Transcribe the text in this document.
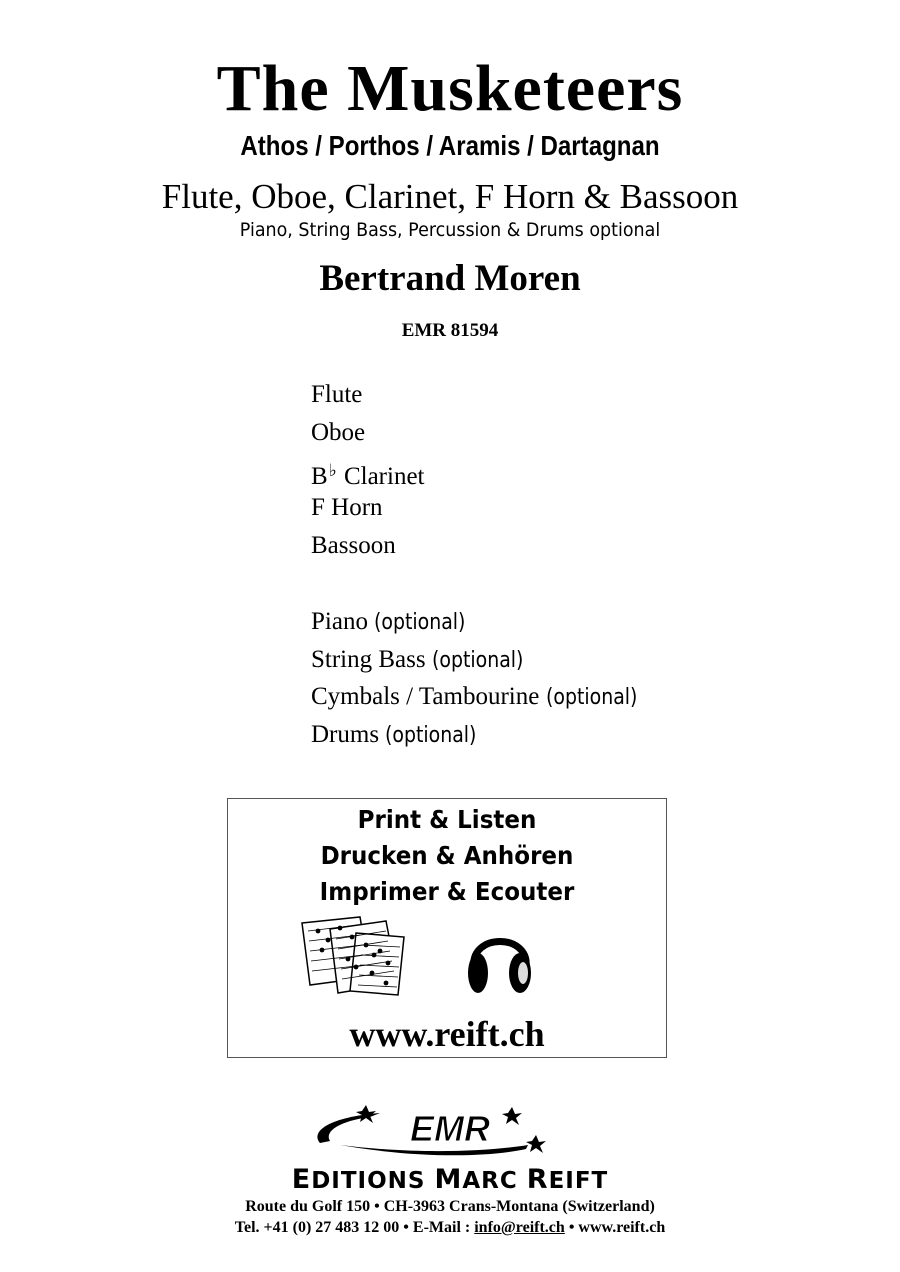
The Musketeers
Athos / Porthos / Aramis / Dartagnan
Flute, Oboe, Clarinet, F Horn & Bassoon
Piano, String Bass, Percussion & Drums optional
Bertrand Moren
EMR 81594
Flute
Oboe
B♭ Clarinet
F Horn
Bassoon
Piano (optional)
String Bass (optional)
Cymbals / Tambourine (optional)
Drums (optional)
Print & Listen
Drucken & Anhören
Imprimer & Ecouter
www.reift.ch
EMR
EDITIONS MARC REIFT
Route du Golf 150 • CH-3963 Crans-Montana (Switzerland)
Tel. +41 (0) 27 483 12 00 • E-Mail : info@reift.ch • www.reift.ch
